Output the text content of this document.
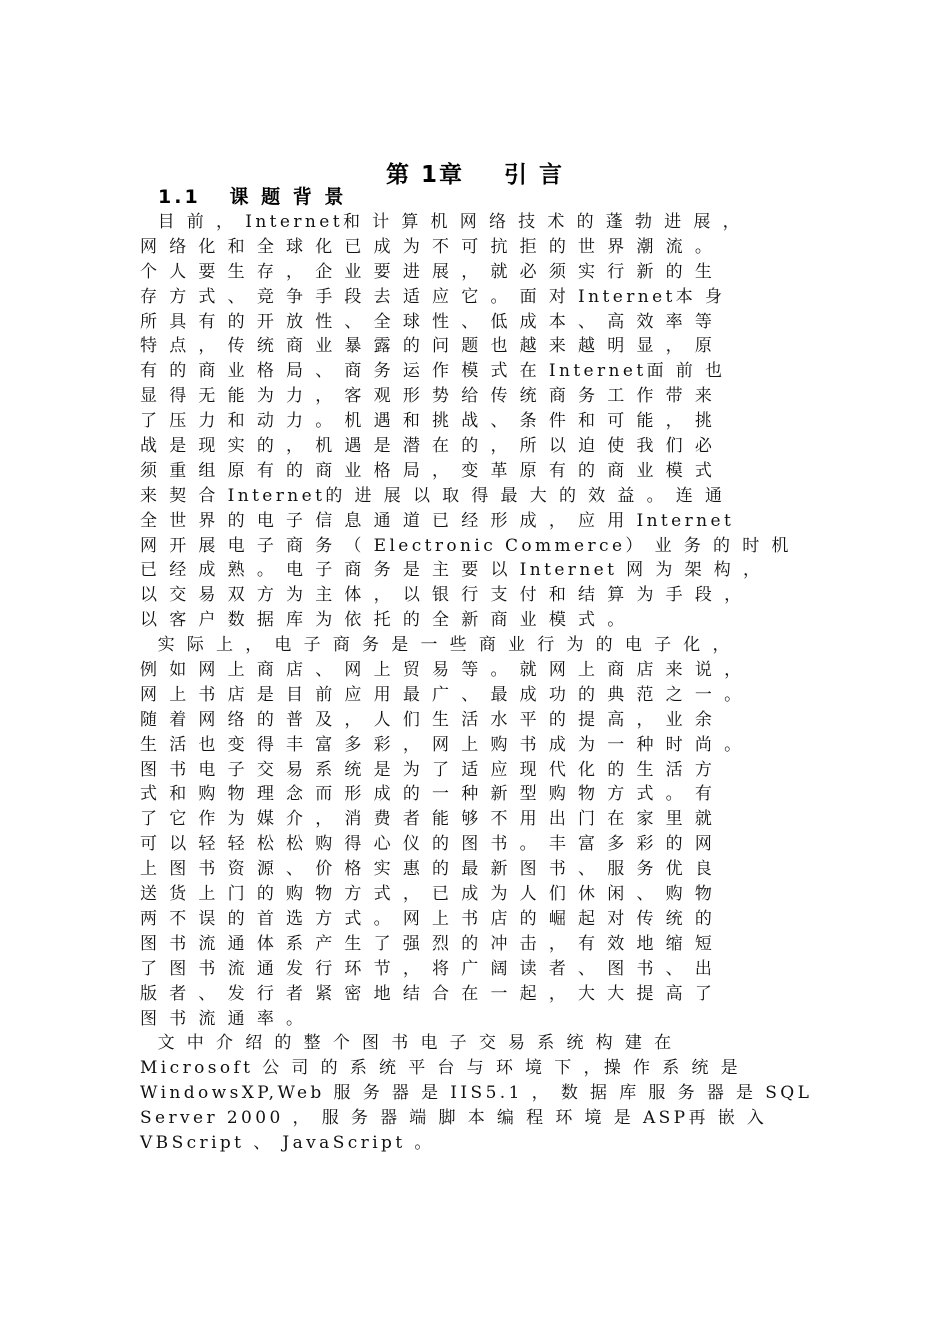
第 1章    引 言
1.1   课 题 背 景
目 前 ， Internet和 计 算 机 网 络 技 术 的 蓬 勃 进 展 ，
网 络 化 和 全 球 化 已 成 为 不 可 抗 拒 的 世 界 潮 流 。
个 人 要 生 存 ， 企 业 要 进 展 ， 就 必 须 实 行 新 的 生
存 方 式 、 竞 争 手 段 去 适 应 它 。 面 对 Internet本 身
所 具 有 的 开 放 性 、 全 球 性 、 低 成 本 、 高 效 率 等
特 点 ， 传 统 商 业 暴 露 的 问 题 也 越 来 越 明 显 ， 原
有 的 商 业 格 局 、 商 务 运 作 模 式 在 Internet面 前 也
显 得 无 能 为 力 ， 客 观 形 势 给 传 统 商 务 工 作 带 来
了 压 力 和 动 力 。 机 遇 和 挑 战 、 条 件 和 可 能 ， 挑
战 是 现 实 的 ， 机 遇 是 潜 在 的 ， 所 以 迫 使 我 们 必
须 重 组 原 有 的 商 业 格 局 ， 变 革 原 有 的 商 业 模 式
来 契 合 Internet的 进 展 以 取 得 最 大 的 效 益 。 连 通
全 世 界 的 电 子 信 息 通 道 已 经 形 成 ， 应 用 Internet
网 开 展 电 子 商 务 （ Electronic Commerce） 业 务 的 时 机
已 经 成 熟 。 电 子 商 务 是 主 要 以 Internet 网 为 架 构 ，
以 交 易 双 方 为 主 体 ， 以 银 行 支 付 和 结 算 为 手 段 ，
以 客 户 数 据 库 为 依 托 的 全 新 商 业 模 式 。
实 际 上 ， 电 子 商 务 是 一 些 商 业 行 为 的 电 子 化 ，
例 如 网 上 商 店 、 网 上 贸 易 等 。 就 网 上 商 店 来 说 ，
网 上 书 店 是 目 前 应 用 最 广 、 最 成 功 的 典 范 之 一 。
随 着 网 络 的 普 及 ， 人 们 生 活 水 平 的 提 高 ， 业 余
生 活 也 变 得 丰 富 多 彩 ， 网 上 购 书 成 为 一 种 时 尚 。
图 书 电 子 交 易 系 统 是 为 了 适 应 现 代 化 的 生 活 方
式 和 购 物 理 念 而 形 成 的 一 种 新 型 购 物 方 式 。 有
了 它 作 为 媒 介 ， 消 费 者 能 够 不 用 出 门 在 家 里 就
可 以 轻 轻 松 松 购 得 心 仪 的 图 书 。 丰 富 多 彩 的 网
上 图 书 资 源 、 价 格 实 惠 的 最 新 图 书 、 服 务 优 良
送 货 上 门 的 购 物 方 式 ， 已 成 为 人 们 休 闲 、 购 物
两 不 误 的 首 选 方 式 。 网 上 书 店 的 崛 起 对 传 统 的
图 书 流 通 体 系 产 生 了 强 烈 的 冲 击 ， 有 效 地 缩 短
了 图 书 流 通 发 行 环 节 ， 将 广 阔 读 者 、 图 书 、 出
版 者 、 发 行 者 紧 密 地 结 合 在 一 起 ， 大 大 提 高 了
图 书 流 通 率 。
文 中 介 绍 的 整 个 图 书 电 子 交 易 系 统 构 建 在
Microsoft 公 司 的 系 统 平 台 与 环 境 下 ，操 作 系 统 是
WindowsXP,Web 服 务 器 是 IIS5.1 ， 数 据 库 服 务 器 是 SQL
Server 2000 ， 服 务 器 端 脚 本 编 程 环 境 是 ASP再 嵌 入
VBScript 、 JavaScript 。
